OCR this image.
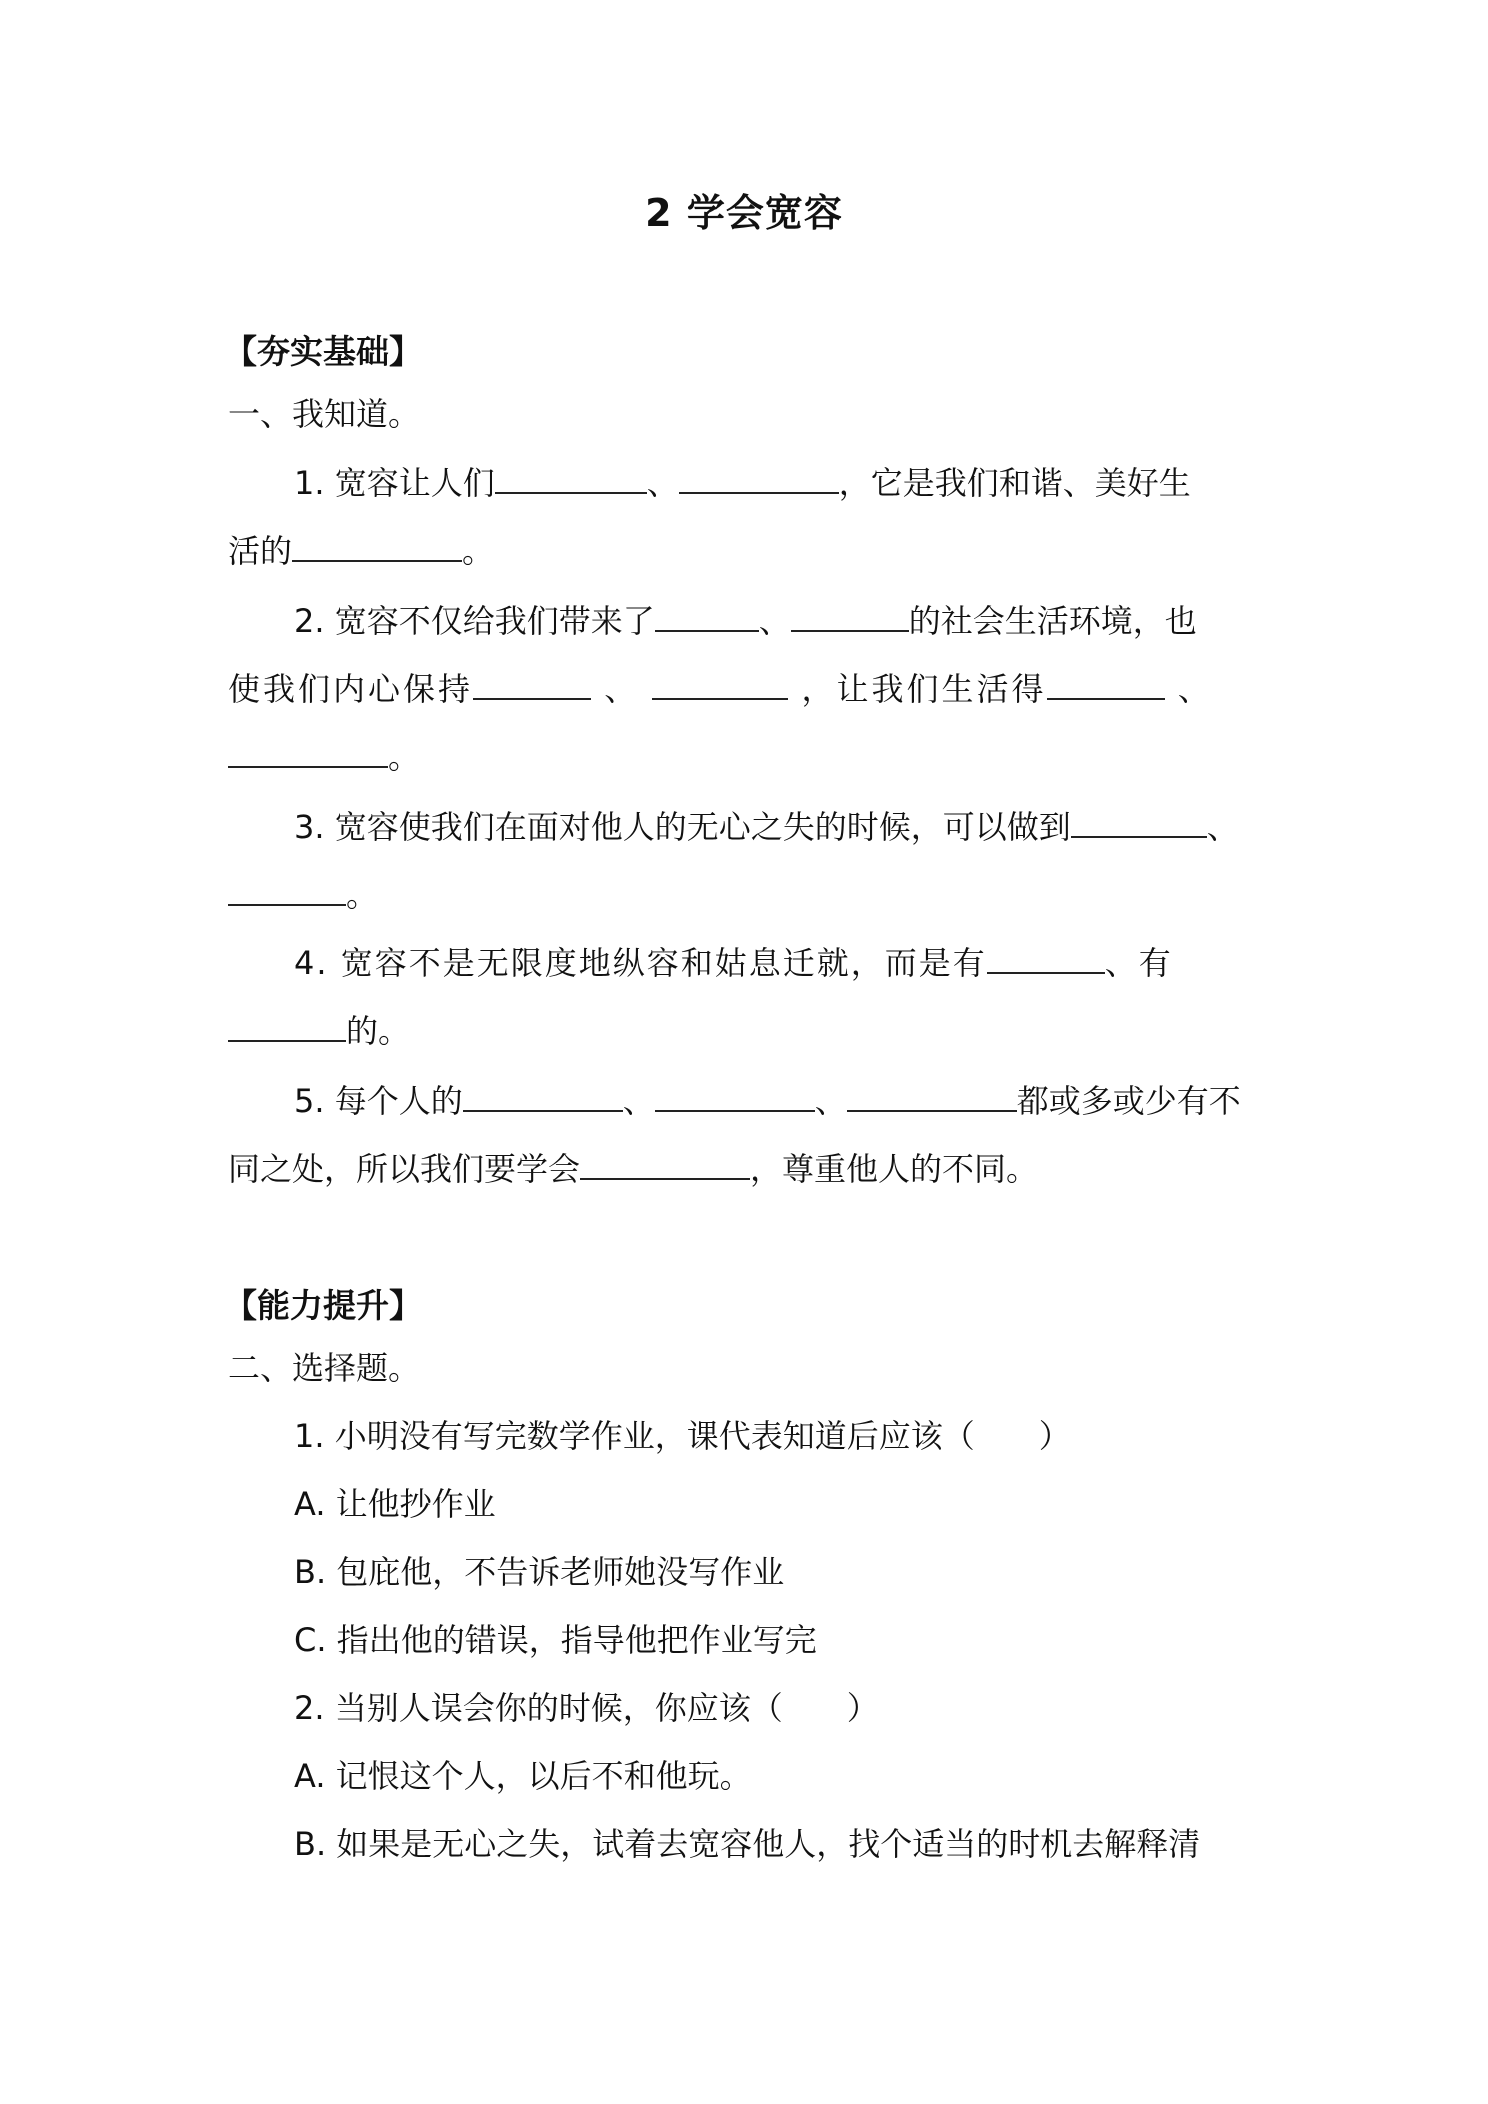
2 学会宽容
【夯实基础】
一、我知道。
1. 宽容让人们	、	，它是我们和谐、美好生
活的	。
2. 宽容不仅给我们带来了	、	的社会生活环境，也
使我们内心保持	、	，让我们生活得	、
。
3. 宽容使我们在面对他人的无心之失的时候，可以做到	、
。
4. 宽容不是无限度地纵容和姑息迁就，而是有	、有
的。
5. 每个人的	、	、	都或多或少有不
同之处，所以我们要学会	，尊重他人的不同。
【能力提升】
二、选择题。
1. 小明没有写完数学作业，课代表知道后应该（　　）
A. 让他抄作业
B. 包庇他，不告诉老师她没写作业
C. 指出他的错误，指导他把作业写完
2. 当别人误会你的时候，你应该（　　）
A. 记恨这个人，以后不和他玩。
B. 如果是无心之失，试着去宽容他人，找个适当的时机去解释清
